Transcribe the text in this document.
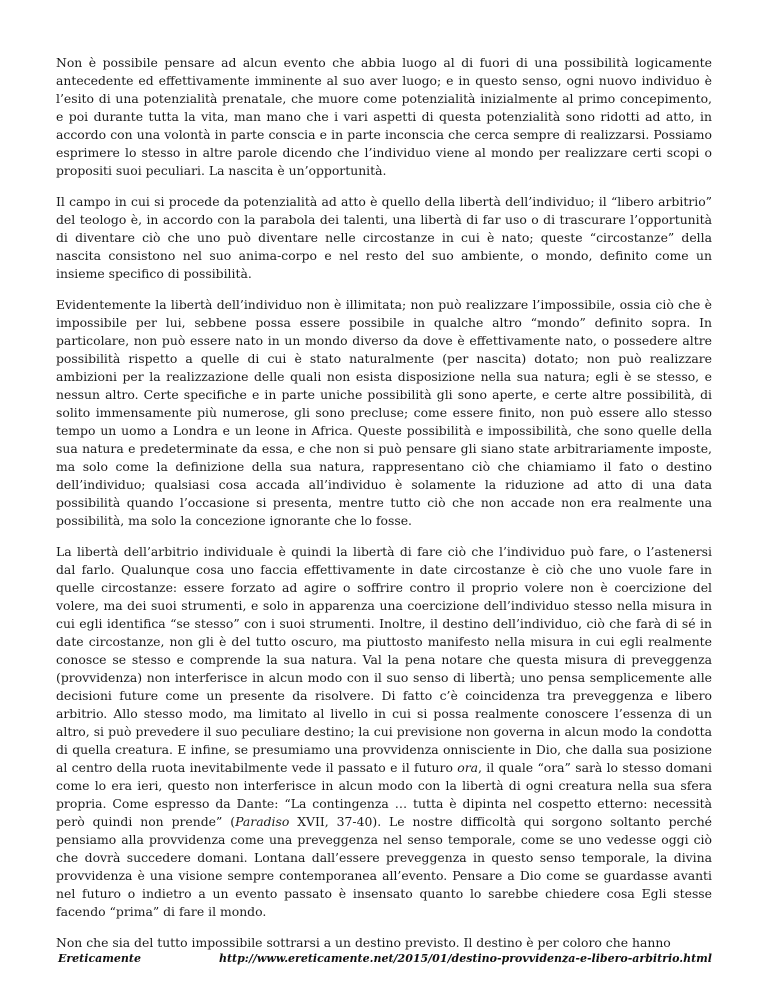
Non è possibile pensare ad alcun evento che abbia luogo al di fuori di una possibilità logicamente antecedente ed effettivamente imminente al suo aver luogo; e in questo senso, ogni nuovo individuo è l’esito di una potenzialità prenatale, che muore come potenzialità inizialmente al primo concepimento, e poi durante tutta la vita, man mano che i vari aspetti di questa potenzialità sono ridotti ad atto, in accordo con una volontà in parte conscia e in parte inconscia che cerca sempre di realizzarsi. Possiamo esprimere lo stesso in altre parole dicendo che l’individuo viene al mondo per realizzare certi scopi o propositi suoi peculiari. La nascita è un’opportunità.

Il campo in cui si procede da potenzialità ad atto è quello della libertà dell’individuo; il “libero arbitrio” del teologo è, in accordo con la parabola dei talenti, una libertà di far uso o di trascurare l’opportunità di diventare ciò che uno può diventare nelle circostanze in cui è nato; queste “circostanze” della nascita consistono nel suo anima-corpo e nel resto del suo ambiente, o mondo, definito come un insieme specifico di possibilità.

Evidentemente la libertà dell’individuo non è illimitata; non può realizzare l’impossibile, ossia ciò che è impossibile per lui, sebbene possa essere possibile in qualche altro “mondo” definito sopra. In particolare, non può essere nato in un mondo diverso da dove è effettivamente nato, o possedere altre possibilità rispetto a quelle di cui è stato naturalmente (per nascita) dotato; non può realizzare ambizioni per la realizzazione delle quali non esista disposizione nella sua natura; egli è se stesso, e nessun altro. Certe specifiche e in parte uniche possibilità gli sono aperte, e certe altre possibilità, di solito immensamente più numerose, gli sono precluse; come essere finito, non può essere allo stesso tempo un uomo a Londra e un leone in Africa. Queste possibilità e impossibilità, che sono quelle della sua natura e predeterminate da essa, e che non si può pensare gli siano state arbitrariamente imposte, ma solo come la definizione della sua natura, rappresentano ciò che chiamiamo il fato o destino dell’individuo; qualsiasi cosa accada all’individuo è solamente la riduzione ad atto di una data possibilità quando l’occasione si presenta, mentre tutto ciò che non accade non era realmente una possibilità, ma solo la concezione ignorante che lo fosse.

La libertà dell’arbitrio individuale è quindi la libertà di fare ciò che l’individuo può fare, o l’astenersi dal farlo. Qualunque cosa uno faccia effettivamente in date circostanze è ciò che uno vuole fare in quelle circostanze: essere forzato ad agire o soffrire contro il proprio volere non è coercizione del volere, ma dei suoi strumenti, e solo in apparenza una coercizione dell’individuo stesso nella misura in cui egli identifica “se stesso” con i suoi strumenti. Inoltre, il destino dell’individuo, ciò che farà di sé in date circostanze, non gli è del tutto oscuro, ma piuttosto manifesto nella misura in cui egli realmente conosce se stesso e comprende la sua natura. Val la pena notare che questa misura di preveggenza (provvidenza) non interferisce in alcun modo con il suo senso di libertà; uno pensa semplicemente alle decisioni future come un presente da risolvere. Di fatto c’è coincidenza tra preveggenza e libero arbitrio. Allo stesso modo, ma limitato al livello in cui si possa realmente conoscere l’essenza di un altro, si può prevedere il suo peculiare destino; la cui previsione non governa in alcun modo la condotta di quella creatura. E infine, se presumiamo una provvidenza onnisciente in Dio, che dalla sua posizione al centro della ruota inevitabilmente vede il passato e il futuro ora, il quale “ora” sarà lo stesso domani come lo era ieri, questo non interferisce in alcun modo con la libertà di ogni creatura nella sua sfera propria. Come espresso da Dante: “La contingenza … tutta è dipinta nel cospetto etterno: necessità però quindi non prende” (Paradiso XVII, 37-40). Le nostre difficoltà qui sorgono soltanto perché pensiamo alla provvidenza come una preveggenza nel senso temporale, come se uno vedesse oggi ciò che dovrà succedere domani. Lontana dall’essere preveggenza in questo senso temporale, la divina provvidenza è una visione sempre contemporanea all’evento. Pensare a Dio come se guardasse avanti nel futuro o indietro a un evento passato è insensato quanto lo sarebbe chiedere cosa Egli stesse facendo “prima” di fare il mondo.

Non che sia del tutto impossibile sottrarsi a un destino previsto. Il destino è per coloro che hanno

Ereticamente	http://www.ereticamente.net/2015/01/destino-provvidenza-e-libero-arbitrio.html
